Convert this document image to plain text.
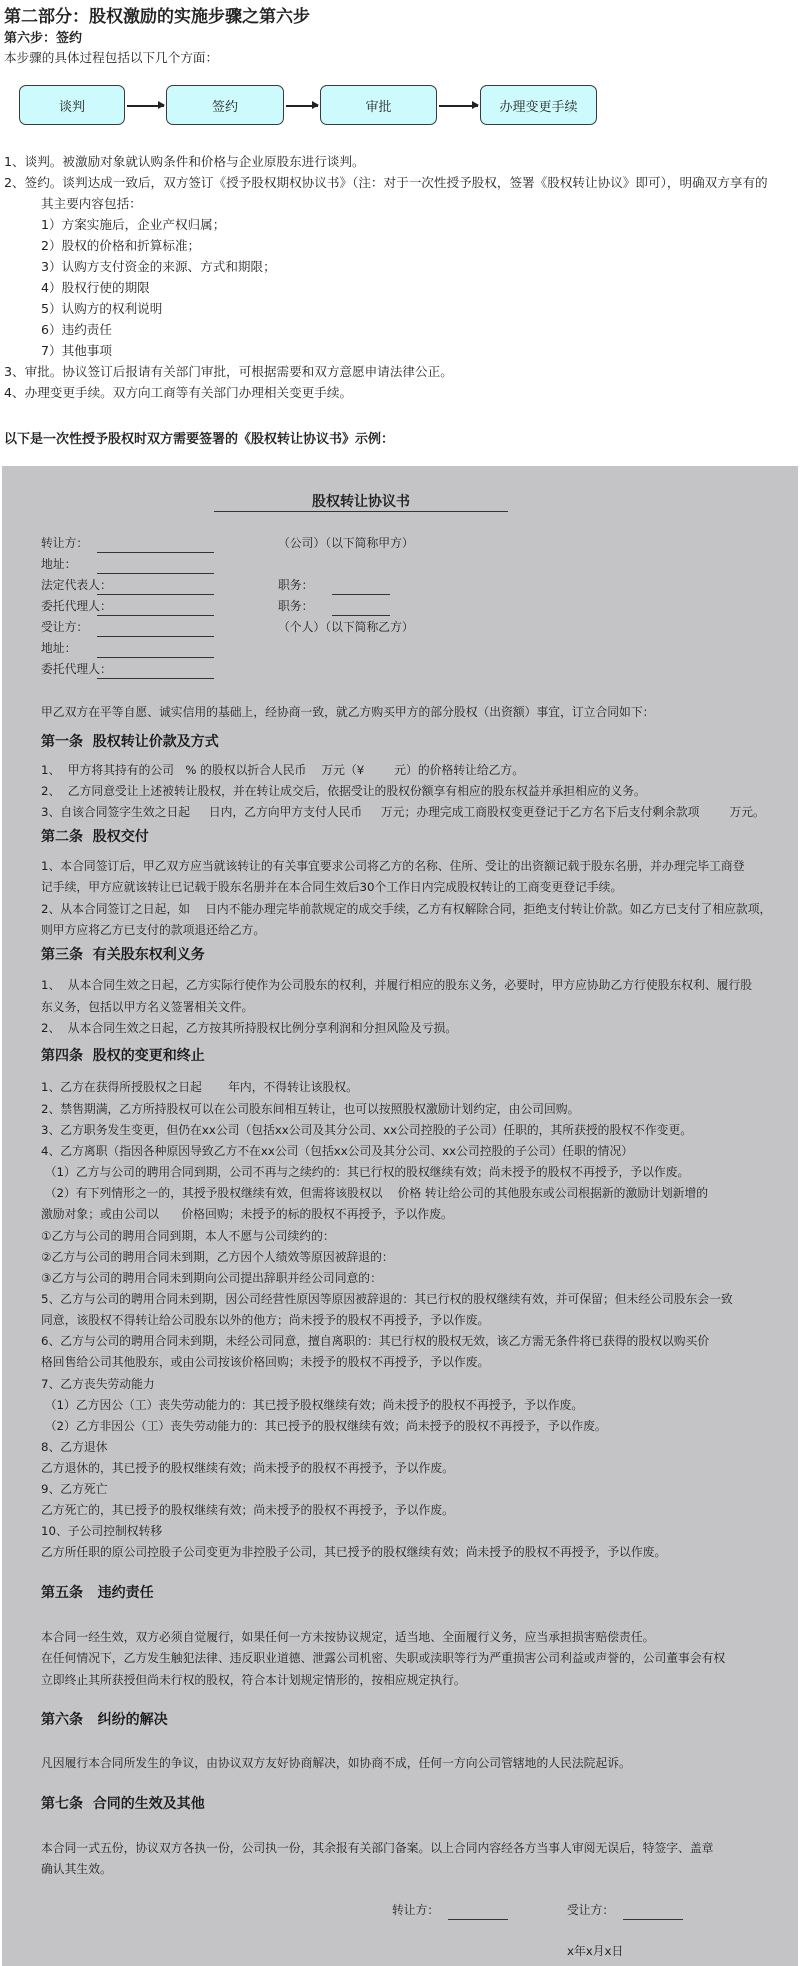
第二部分：股权激励的实施步骤之第六步
第六步：签约
本步骤的具体过程包括以下几个方面：
谈判	签约	审批	办理变更手续
1、谈判。被激励对象就认购条件和价格与企业原股东进行谈判。
2、签约。谈判达成一致后，双方签订《授予股权期权协议书》（注：对于一次性授予股权，签署《股权转让协议》即可），明确双方享有的
其主要内容包括：
1）方案实施后，企业产权归属；
2）股权的价格和折算标准；
3）认购方支付资金的来源、方式和期限；
4）股权行使的期限
5）认购方的权利说明
6）违约责任
7）其他事项
3、审批。协议签订后报请有关部门审批，可根据需要和双方意愿申请法律公正。
4、办理变更手续。双方向工商等有关部门办理相关变更手续。
以下是一次性授予股权时双方需要签署的《股权转让协议书》示例：
股权转让协议书
转让方：	（公司）（以下简称甲方）
地址：
法定代表人：	职务：
委托代理人：	职务：
受让方：	（个人）（以下简称乙方）
地址：
委托代理人：
甲乙双方在平等自愿、诚实信用的基础上，经协商一致，就乙方购买甲方的部分股权（出资额）事宜，订立合同如下：
第一条  股权转让价款及方式
1、  甲方将其持有的公司   % 的股权以折合人民币    万元（¥        元）的价格转让给乙方。
2、  乙方同意受让上述被转让股权，并在转让成交后，依据受让的股权份额享有相应的股东权益并承担相应的义务。
3、自该合同签字生效之日起     日内，乙方向甲方支付人民币     万元；办理完成工商股权变更登记于乙方名下后支付剩余款项        万元。
第二条  股权交付
1、本合同签订后，甲乙双方应当就该转让的有关事宜要求公司将乙方的名称、住所、受让的出资额记载于股东名册，并办理完毕工商登
记手续，甲方应就该转让已记载于股东名册并在本合同生效后30个工作日内完成股权转让的工商变更登记手续。
2、从本合同签订之日起，如    日内不能办理完毕前款规定的成交手续，乙方有权解除合同，拒绝支付转让价款。如乙方已支付了相应款项，
则甲方应将乙方已支付的款项退还给乙方。
第三条  有关股东权利义务
1、  从本合同生效之日起，乙方实际行使作为公司股东的权利，并履行相应的股东义务，必要时，甲方应协助乙方行使股东权利、履行股
东义务，包括以甲方名义签署相关文件。
2、  从本合同生效之日起，乙方按其所持股权比例分享利润和分担风险及亏损。
第四条  股权的变更和终止
1、乙方在获得所授股权之日起       年内，不得转让该股权。
2、禁售期满，乙方所持股权可以在公司股东间相互转让，也可以按照股权激励计划约定，由公司回购。
3、乙方职务发生变更，但仍在xx公司（包括xx公司及其分公司、xx公司控股的子公司）任职的，其所获授的股权不作变更。
4、乙方离职（指因各种原因导致乙方不在xx公司（包括xx公司及其分公司、xx公司控股的子公司）任职的情况）
（1）乙方与公司的聘用合同到期，公司不再与之续约的：其已行权的股权继续有效；尚未授予的股权不再授予，予以作废。
（2）有下列情形之一的，其授予股权继续有效，但需将该股权以    价格 转让给公司的其他股东或公司根据新的激励计划新增的
激励对象；或由公司以      价格回购；未授予的标的股权不再授予，予以作废。
①乙方与公司的聘用合同到期，本人不愿与公司续约的：
②乙方与公司的聘用合同未到期，乙方因个人绩效等原因被辞退的：
③乙方与公司的聘用合同未到期向公司提出辞职并经公司同意的：
5、乙方与公司的聘用合同未到期，因公司经营性原因等原因被辞退的：其已行权的股权继续有效，并可保留；但未经公司股东会一致
同意，该股权不得转让给公司股东以外的他方；尚未授予的股权不再授予，予以作废。
6、乙方与公司的聘用合同未到期，未经公司同意，擅自离职的：其已行权的股权无效，该乙方需无条件将已获得的股权以购买价
格回售给公司其他股东，或由公司按该价格回购；未授予的股权不再授予，予以作废。
7、乙方丧失劳动能力
（1）乙方因公（工）丧失劳动能力的：其已授予股权继续有效；尚未授予的股权不再授予，予以作废。
（2）乙方非因公（工）丧失劳动能力的：其已授予的股权继续有效；尚未授予的股权不再授予，予以作废。
8、乙方退休
乙方退休的，其已授予的股权继续有效；尚未授予的股权不再授予，予以作废。
9、乙方死亡
乙方死亡的，其已授予的股权继续有效；尚未授予的股权不再授予，予以作废。
10、子公司控制权转移
乙方所任职的原公司控股子公司变更为非控股子公司，其已授予的股权继续有效；尚未授予的股权不再授予，予以作废。
第五条   违约责任
本合同一经生效，双方必须自觉履行，如果任何一方未按协议规定，适当地、全面履行义务，应当承担损害赔偿责任。
在任何情况下，乙方发生触犯法律、违反职业道德、泄露公司机密、失职或渎职等行为严重损害公司利益或声誉的，公司董事会有权
立即终止其所获授但尚未行权的股权，符合本计划规定情形的，按相应规定执行。
第六条   纠纷的解决
凡因履行本合同所发生的争议，由协议双方友好协商解决，如协商不成，任何一方向公司管辖地的人民法院起诉。
第七条  合同的生效及其他
本合同一式五份，协议双方各执一份，公司执一份，其余报有关部门备案。以上合同内容经各方当事人审阅无误后，特签字、盖章
确认其生效。
转让方：	受让方：
x年x月x日
